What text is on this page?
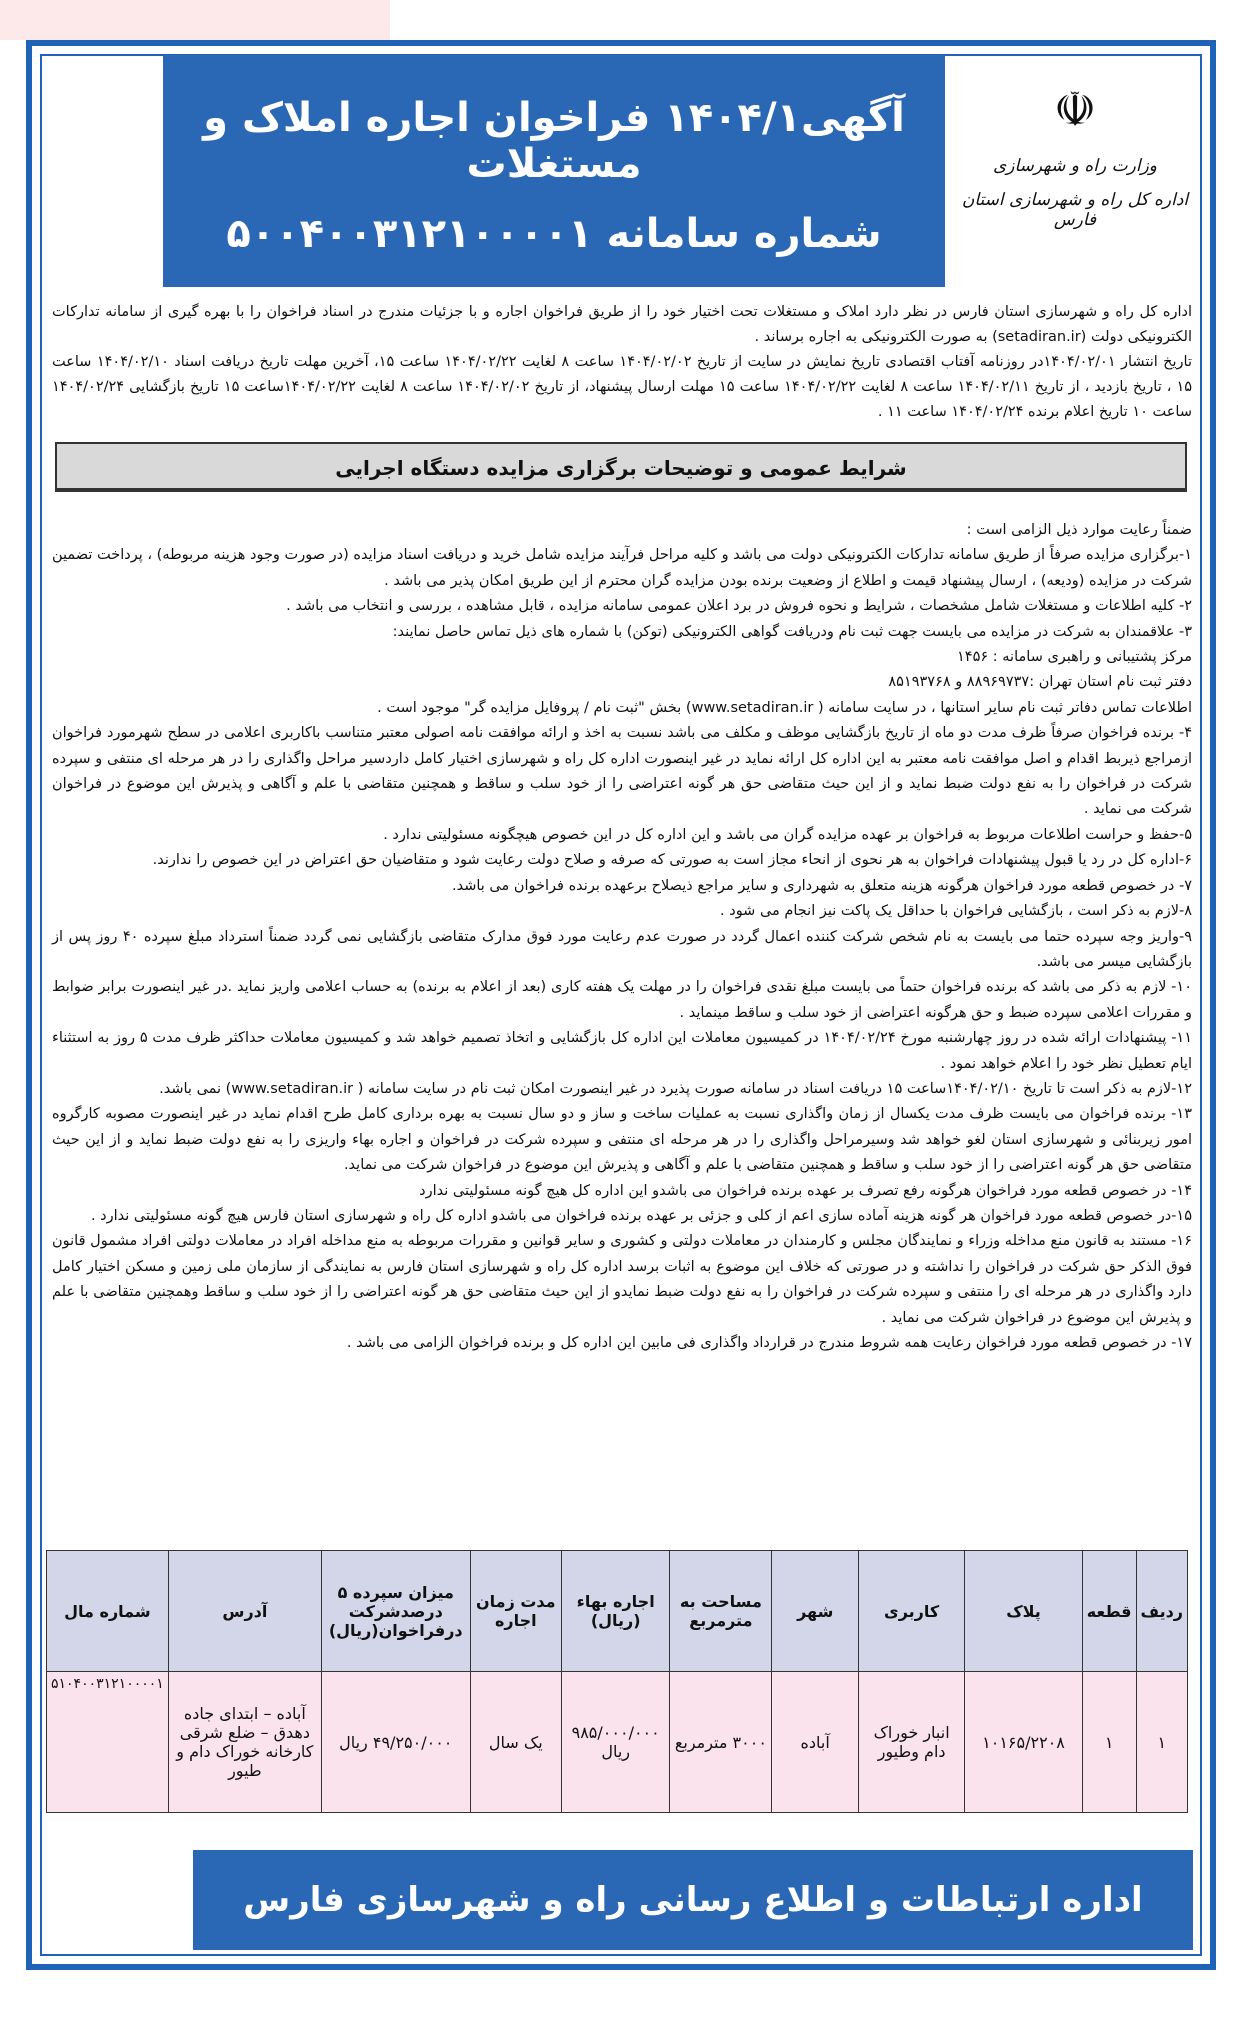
آگهی۱۴۰۴/۱ فراخوان اجاره املاک و مستغلات
شماره سامانه ۵۰۰۴۰۰۳۱۲۱۰۰۰۰۱
☫
وزارت راه و شهرسازی
اداره کل راه و شهرسازی استان فارس

اداره کل راه و شهرسازی استان فارس در نظر دارد املاک و مستغلات تحت اختیار خود را از طریق فراخوان اجاره و با جزئیات مندرج در اسناد فراخوان را با بهره گیری از سامانه تدارکات الکترونیکی دولت (setadiran.ir) به صورت الکترونیکی به اجاره برساند .

تاریخ انتشار ۱۴۰۴/۰۲/۰۱در روزنامه آفتاب اقتصادی تاریخ نمایش در سایت از تاریخ ۱۴۰۴/۰۲/۰۲ ساعت ۸ لغایت ۱۴۰۴/۰۲/۲۲ ساعت ۱۵، آخرین مهلت تاریخ دریافت اسناد ۱۴۰۴/۰۲/۱۰ ساعت ۱۵ ، تاریخ بازدید ، از تاریخ ۱۴۰۴/۰۲/۱۱ ساعت ۸ لغایت ۱۴۰۴/۰۲/۲۲ ساعت ۱۵ مهلت ارسال پیشنهاد، از تاریخ ۱۴۰۴/۰۲/۰۲ ساعت ۸ لغایت ۱۴۰۴/۰۲/۲۲ساعت ۱۵ تاریخ بازگشایی ۱۴۰۴/۰۲/۲۴ ساعت ۱۰ تاریخ اعلام برنده ۱۴۰۴/۰۲/۲۴ ساعت ۱۱ .

شرایط عمومی و توضیحات برگزاری مزایده دستگاه اجرایی

ضمناً رعایت موارد ذیل الزامی است :

۱-برگزاری مزایده صرفاً از طریق سامانه تدارکات الکترونیکی دولت می باشد و کلیه مراحل فرآیند مزایده شامل خرید و دریافت اسناد مزایده (در صورت وجود هزینه مربوطه) ، پرداخت تضمین شرکت در مزایده (ودیعه) ، ارسال پیشنهاد قیمت و اطلاع از وضعیت برنده بودن مزایده گران محترم از این طریق امکان پذیر می باشد .

۲- کلیه اطلاعات و مستغلات شامل مشخصات ، شرایط و نحوه فروش در برد اعلان عمومی سامانه مزایده ، قابل مشاهده ، بررسی و انتخاب می باشد .

۳- علاقمندان به شرکت در مزایده می بایست جهت ثبت نام ودریافت گواهی الکترونیکی (توکن) با شماره های ذیل تماس حاصل نمایند:

مرکز پشتیبانی و راهبری سامانه : ۱۴۵۶

دفتر ثبت نام استان تهران :۸۸۹۶۹۷۳۷ و ۸۵۱۹۳۷۶۸

اطلاعات تماس دفاتر ثبت نام سایر استانها ، در سایت سامانه ( www.setadiran.ir) بخش "ثبت نام / پروفایل مزایده گر" موجود است .

۴- برنده فراخوان صرفاً ظرف مدت دو ماه از تاریخ بازگشایی موظف و مکلف می باشد نسبت به اخذ و ارائه موافقت نامه اصولی معتبر متناسب باکاربری اعلامی در سطح شهرمورد فراخوان ازمراجع ذیربط اقدام و اصل موافقت نامه معتبر به این اداره کل ارائه نماید در غیر اینصورت اداره کل راه و شهرسازی اختیار کامل داردسیر مراحل واگذاری را در هر مرحله ای منتفی و سپرده شرکت در فراخوان را به نفع دولت ضبط نماید و از این حیث متقاضی حق هر گونه اعتراضی را از خود سلب و ساقط و همچنین متقاضی با علم و آگاهی و پذیرش این موضوع در فراخوان شرکت می نماید .

۵-حفظ و حراست اطلاعات مربوط به فراخوان بر عهده مزایده گران می باشد و این اداره کل در این خصوص هیچگونه مسئولیتی ندارد .

۶-اداره کل در رد یا قبول پیشنهادات فراخوان به هر نحوی از انحاء مجاز است به صورتی که صرفه و صلاح دولت رعایت شود و متقاضیان حق اعتراض در این خصوص را ندارند.

۷- در خصوص قطعه مورد فراخوان هرگونه هزینه متعلق به شهرداری و سایر مراجع ذیصلاح برعهده برنده فراخوان می باشد.

۸-لازم به ذکر است ، بازگشایی فراخوان با حداقل یک پاکت نیز انجام می شود .

۹-واریز وجه سپرده حتما می بایست به نام شخص شرکت کننده اعمال گردد در صورت عدم رعایت مورد فوق مدارک متقاضی بازگشایی نمی گردد ضمناً استرداد مبلغ سپرده ۴۰ روز پس از بازگشایی میسر می باشد.

۱۰- لازم به ذکر می باشد که برنده فراخوان حتماً می بایست مبلغ نقدی فراخوان را در مهلت یک هفته کاری (بعد از اعلام به برنده) به حساب اعلامی واریز نماید .در غیر اینصورت برابر ضوابط و مقررات اعلامی سپرده ضبط و حق هرگونه اعتراضی از خود سلب و ساقط مینماید .

۱۱- پیشنهادات ارائه شده در روز چهارشنبه مورخ ۱۴۰۴/۰۲/۲۴ در کمیسیون معاملات این اداره کل بازگشایی و اتخاذ تصمیم خواهد شد و کمیسیون معاملات حداکثر ظرف مدت ۵ روز به استثناء ایام تعطیل نظر خود را اعلام خواهد نمود .

۱۲-لازم به ذکر است تا تاریخ ۱۴۰۴/۰۲/۱۰ساعت ۱۵ دریافت اسناد در سامانه صورت پذیرد در غیر اینصورت امکان ثبت نام در سایت سامانه ( www.setadiran.ir) نمی باشد.

۱۳- برنده فراخوان می بایست ظرف مدت یکسال از زمان واگذاری نسبت به عملیات ساخت و ساز و دو سال نسبت به بهره برداری کامل طرح اقدام نماید در غیر اینصورت مصوبه کارگروه امور زیربنائی و شهرسازی استان لغو خواهد شد وسیرمراحل واگذاری را در هر مرحله ای منتفی و سپرده شرکت در فراخوان و اجاره بهاء واریزی را به نفع دولت ضبط نماید و از این حیث متقاضی حق هر گونه اعتراضی را از خود سلب و ساقط و همچنین متقاضی با علم و آگاهی و پذیرش این موضوع در فراخوان شرکت می نماید.

۱۴- در خصوص قطعه مورد فراخوان هرگونه رفع تصرف بر عهده برنده فراخوان می باشدو این اداره کل هیچ گونه مسئولیتی ندارد

۱۵-در خصوص قطعه مورد فراخوان هر گونه هزینه آماده سازی اعم از کلی و جزئی بر عهده برنده فراخوان می باشدو اداره کل راه و شهرسازی استان فارس هیچ گونه مسئولیتی ندارد .

۱۶- مستند به قانون منع مداخله وزراء و نمایندگان مجلس و کارمندان در معاملات دولتی و کشوری و سایر قوانین و مقررات مربوطه به منع مداخله افراد در معاملات دولتی افراد مشمول قانون فوق الذکر حق شرکت در فراخوان را نداشته و در صورتی که خلاف این موضوع به اثبات برسد اداره کل راه و شهرسازی استان فارس به نمایندگی از سازمان ملی زمین و مسکن اختیار کامل دارد واگذاری در هر مرحله ای را منتفی و سپرده شرکت در فراخوان را به نفع دولت ضبط نمایدو از این حیث متقاضی حق هر گونه اعتراضی را از خود سلب و ساقط وهمچنین متقاضی با علم و پذیرش این موضوع در فراخوان شرکت می نماید .

۱۷- در خصوص قطعه مورد فراخوان رعایت همه شروط مندرج در قرارداد واگذاری فی مابین این اداره کل و برنده فراخوان الزامی می باشد .

ردیف	قطعه	پلاک	کاربری	شهر	مساحت به مترمربع	اجاره بهاء (ریال)	مدت زمان اجاره	میزان سپرده ۵ درصدشرکت درفراخوان(ریال)	آدرس	شماره مال
۱	۱	۱۰۱۶۵/۲۲۰۸	انبار خوراک دام وطیور	آباده	۳۰۰۰ مترمربع	۹۸۵/۰۰۰/۰۰۰ ریال	یک سال	۴۹/۲۵۰/۰۰۰ ریال	آباده – ابتدای جاده دهدق – ضلع شرقی کارخانه خوراک دام و طیور	۵۱۰۴۰۰۳۱۲۱۰۰۰۰۱
اداره ارتباطات و اطلاع رسانی راه و شهرسازی فارس
